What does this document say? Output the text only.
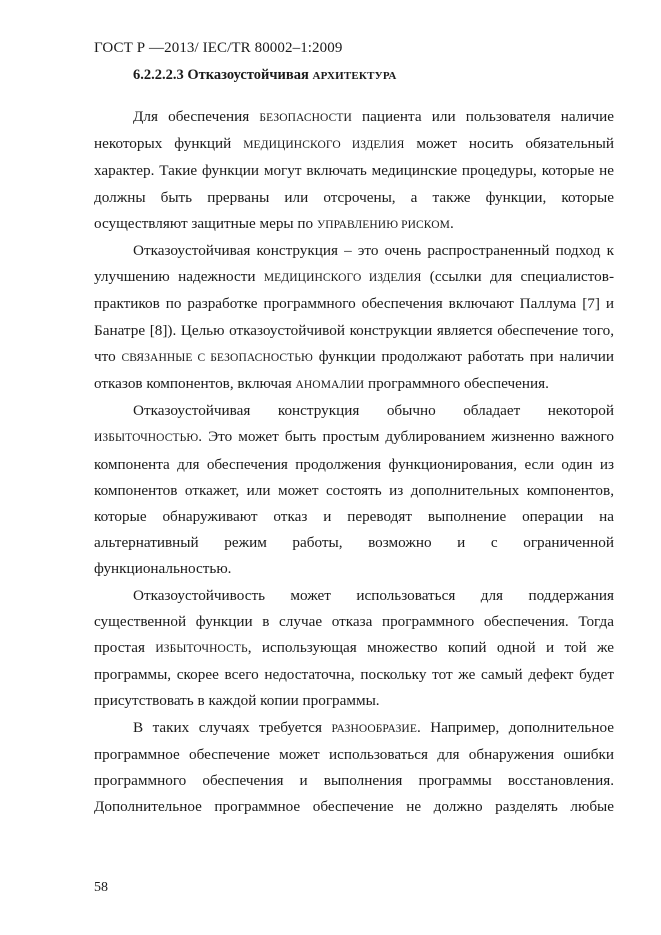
ГОСТ Р —2013/ IEC/TR 80002–1:2009
6.2.2.2.3 Отказоустойчивая АРХИТЕКТУРА

Для обеспечения БЕЗОПАСНОСТИ пациента или пользователя наличие некоторых функций МЕДИЦИНСКОГО ИЗДЕЛИЯ может носить обязательный характер. Такие функции могут включать медицинские процедуры, которые не должны быть прерваны или отсрочены, а также функции, которые осуществляют защитные меры по УПРАВЛЕНИЮ РИСКОМ.

Отказоустойчивая конструкция – это очень распространенный подход к улучшению надежности МЕДИЦИНСКОГО ИЗДЕЛИЯ (ссылки для специалистов-практиков по разработке программного обеспечения включают Паллума [7] и Банатре [8]). Целью отказоустойчивой конструкции является обеспечение того, что СВЯЗАННЫЕ С БЕЗОПАСНОСТЬЮ функции продолжают работать при наличии отказов компонентов, включая АНОМАЛИИ программного обеспечения.

Отказоустойчивая конструкция обычно обладает некоторой ИЗБЫТОЧНОСТЬЮ. Это может быть простым дублированием жизненно важного компонента для обеспечения продолжения функционирования, если один из компонентов откажет, или может состоять из дополнительных компонентов, которые обнаруживают отказ и переводят выполнение операции на альтернативный режим работы, возможно и с ограниченной функциональностью.

Отказоустойчивость может использоваться для поддержания существенной функции в случае отказа программного обеспечения. Тогда простая ИЗБЫТОЧНОСТЬ, использующая множество копий одной и той же программы, скорее всего недостаточна, поскольку тот же самый дефект будет присутствовать в каждой копии программы.

В таких случаях требуется РАЗНООБРАЗИЕ. Например, дополнительное программное обеспечение может использоваться для обнаружения ошибки программного обеспечения и выполнения программы восстановления. Дополнительное программное обеспечение не должно разделять любые

58
